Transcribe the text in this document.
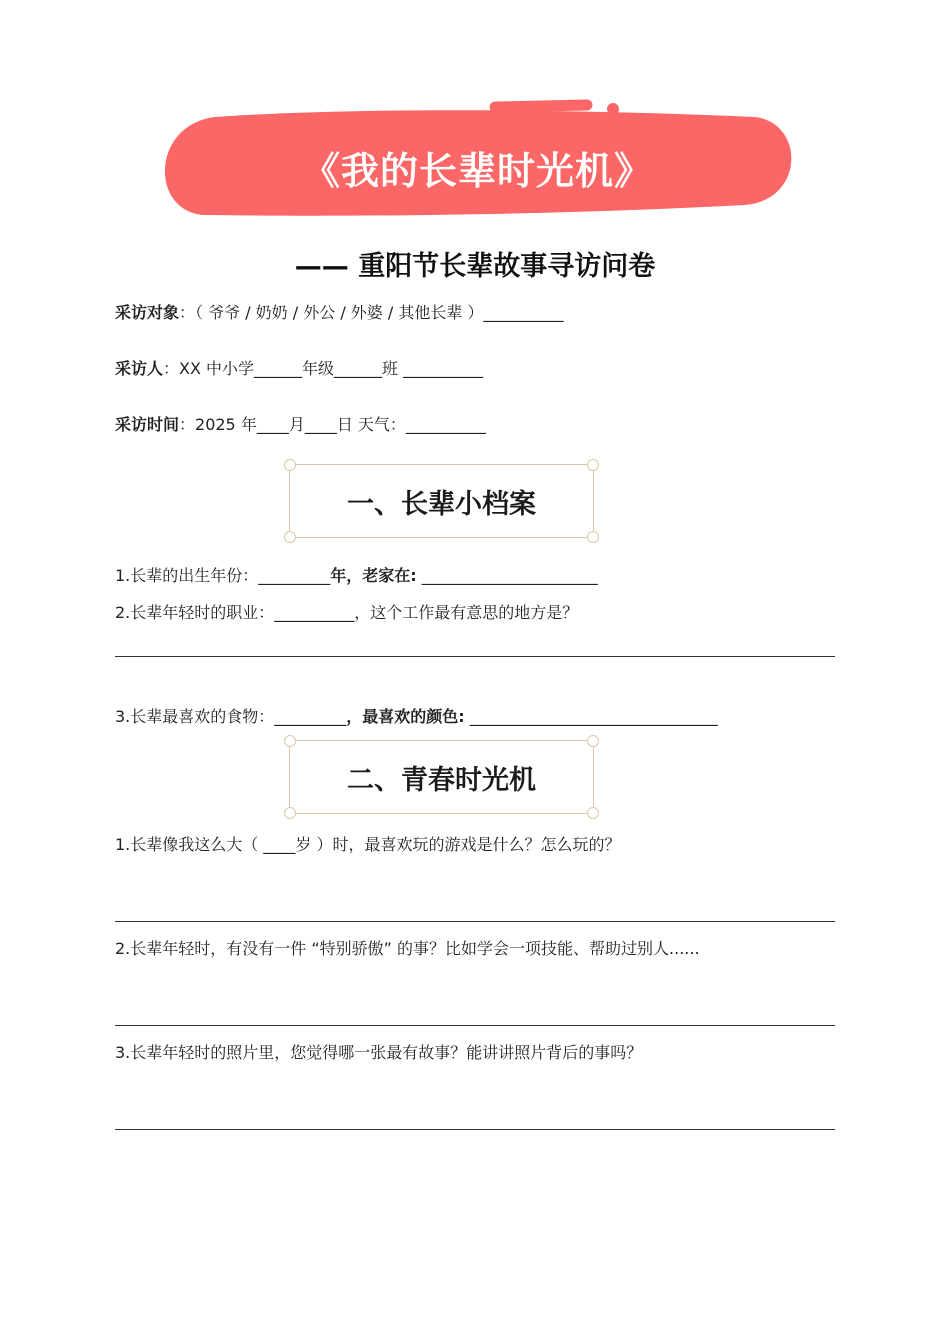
《我的长辈时光机》
—— 重阳节长辈故事寻访问卷
采访对象：（ 爷爷 / 奶奶 / 外公 / 外婆 / 其他长辈 ）__________
采访人：XX 中小学______年级______班 __________
采访时间：2025 年____月____日 天气：__________
一、长辈小档案
1.长辈的出生年份：_________年，老家在: ______________________
2.长辈年轻时的职业：__________，这个工作最有意思的地方是？
3.长辈最喜欢的食物：_________，最喜欢的颜色: _______________________________
二、青春时光机
1.长辈像我这么大（ ____岁 ）时，最喜欢玩的游戏是什么？怎么玩的？
2.长辈年轻时，有没有一件 “特别骄傲” 的事？比如学会一项技能、帮助过别人......
3.长辈年轻时的照片里，您觉得哪一张最有故事？能讲讲照片背后的事吗？
